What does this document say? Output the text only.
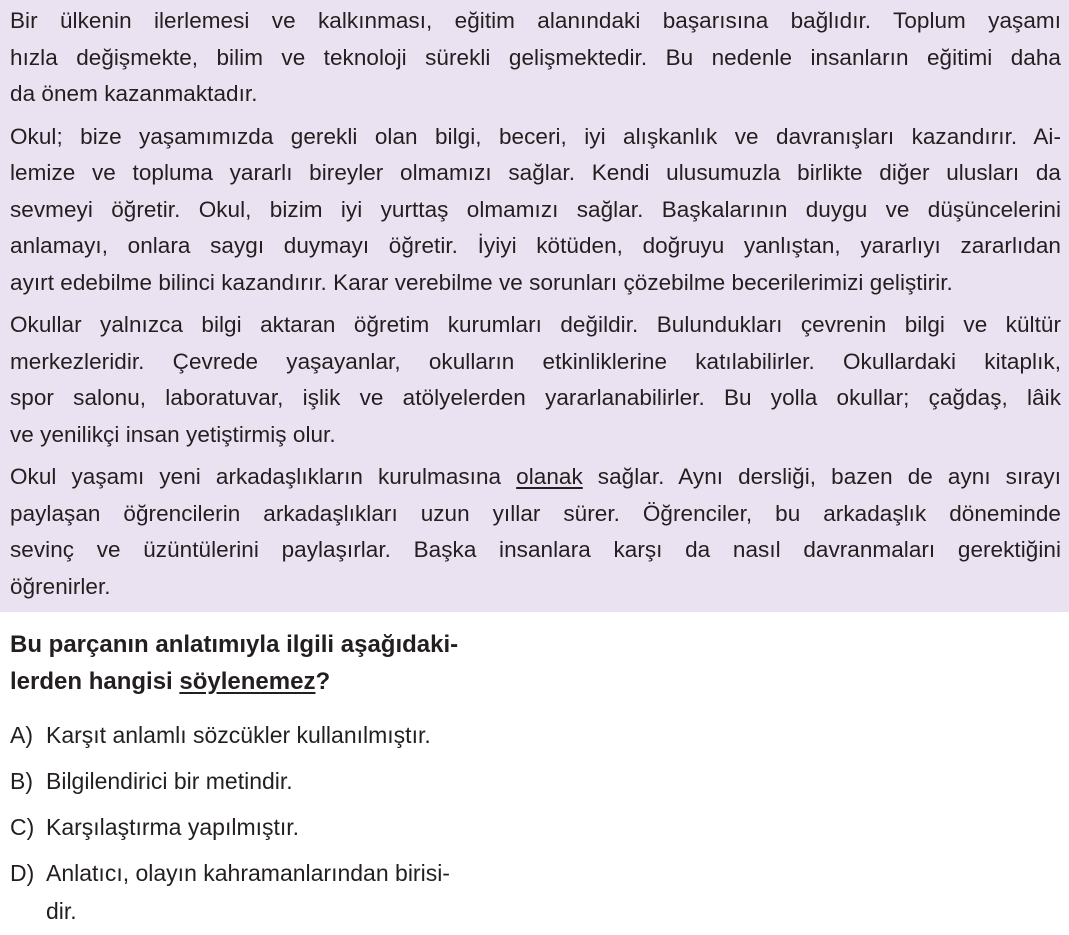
Bir ülkenin ilerlemesi ve kalkınması, eğitim alanındaki başarısına bağlıdır. Toplum yaşamı
hızla değişmekte, bilim ve teknoloji sürekli gelişmektedir. Bu nedenle insanların eğitimi daha
da önem kazanmaktadır.
Okul; bize yaşamımızda gerekli olan bilgi, beceri, iyi alışkanlık ve davranışları kazandırır. Ai-
lemize ve topluma yararlı bireyler olmamızı sağlar. Kendi ulusumuzla birlikte diğer ulusları da
sevmeyi öğretir. Okul, bizim iyi yurttaş olmamızı sağlar. Başkalarının duygu ve düşüncelerini
anlamayı, onlara saygı duymayı öğretir. İyiyi kötüden, doğruyu yanlıştan, yararlıyı zararlıdan
ayırt edebilme bilinci kazandırır. Karar verebilme ve sorunları çözebilme becerilerimizi geliştirir.
Okullar yalnızca bilgi aktaran öğretim kurumları değildir. Bulundukları çevrenin bilgi ve kültür
merkezleridir. Çevrede yaşayanlar, okulların etkinliklerine katılabilirler. Okullardaki kitaplık,
spor salonu, laboratuvar, işlik ve atölyelerden yararlanabilirler. Bu yolla okullar; çağdaş, lâik
ve yenilikçi insan yetiştirmiş olur.
Okul yaşamı yeni arkadaşlıkların kurulmasına olanak sağlar. Aynı dersliği, bazen de aynı sırayı
paylaşan öğrencilerin arkadaşlıkları uzun yıllar sürer. Öğrenciler, bu arkadaşlık döneminde
sevinç ve üzüntülerini paylaşırlar. Başka insanlara karşı da nasıl davranmaları gerektiğini
öğrenirler.
Bu parçanın anlatımıyla ilgili aşağıdaki-
lerden hangisi söylenemez?
A) Karşıt anlamlı sözcükler kullanılmıştır.
B) Bilgilendirici bir metindir.
C) Karşılaştırma yapılmıştır.
D) Anlatıcı, olayın kahramanlarından birisi-
dir.
